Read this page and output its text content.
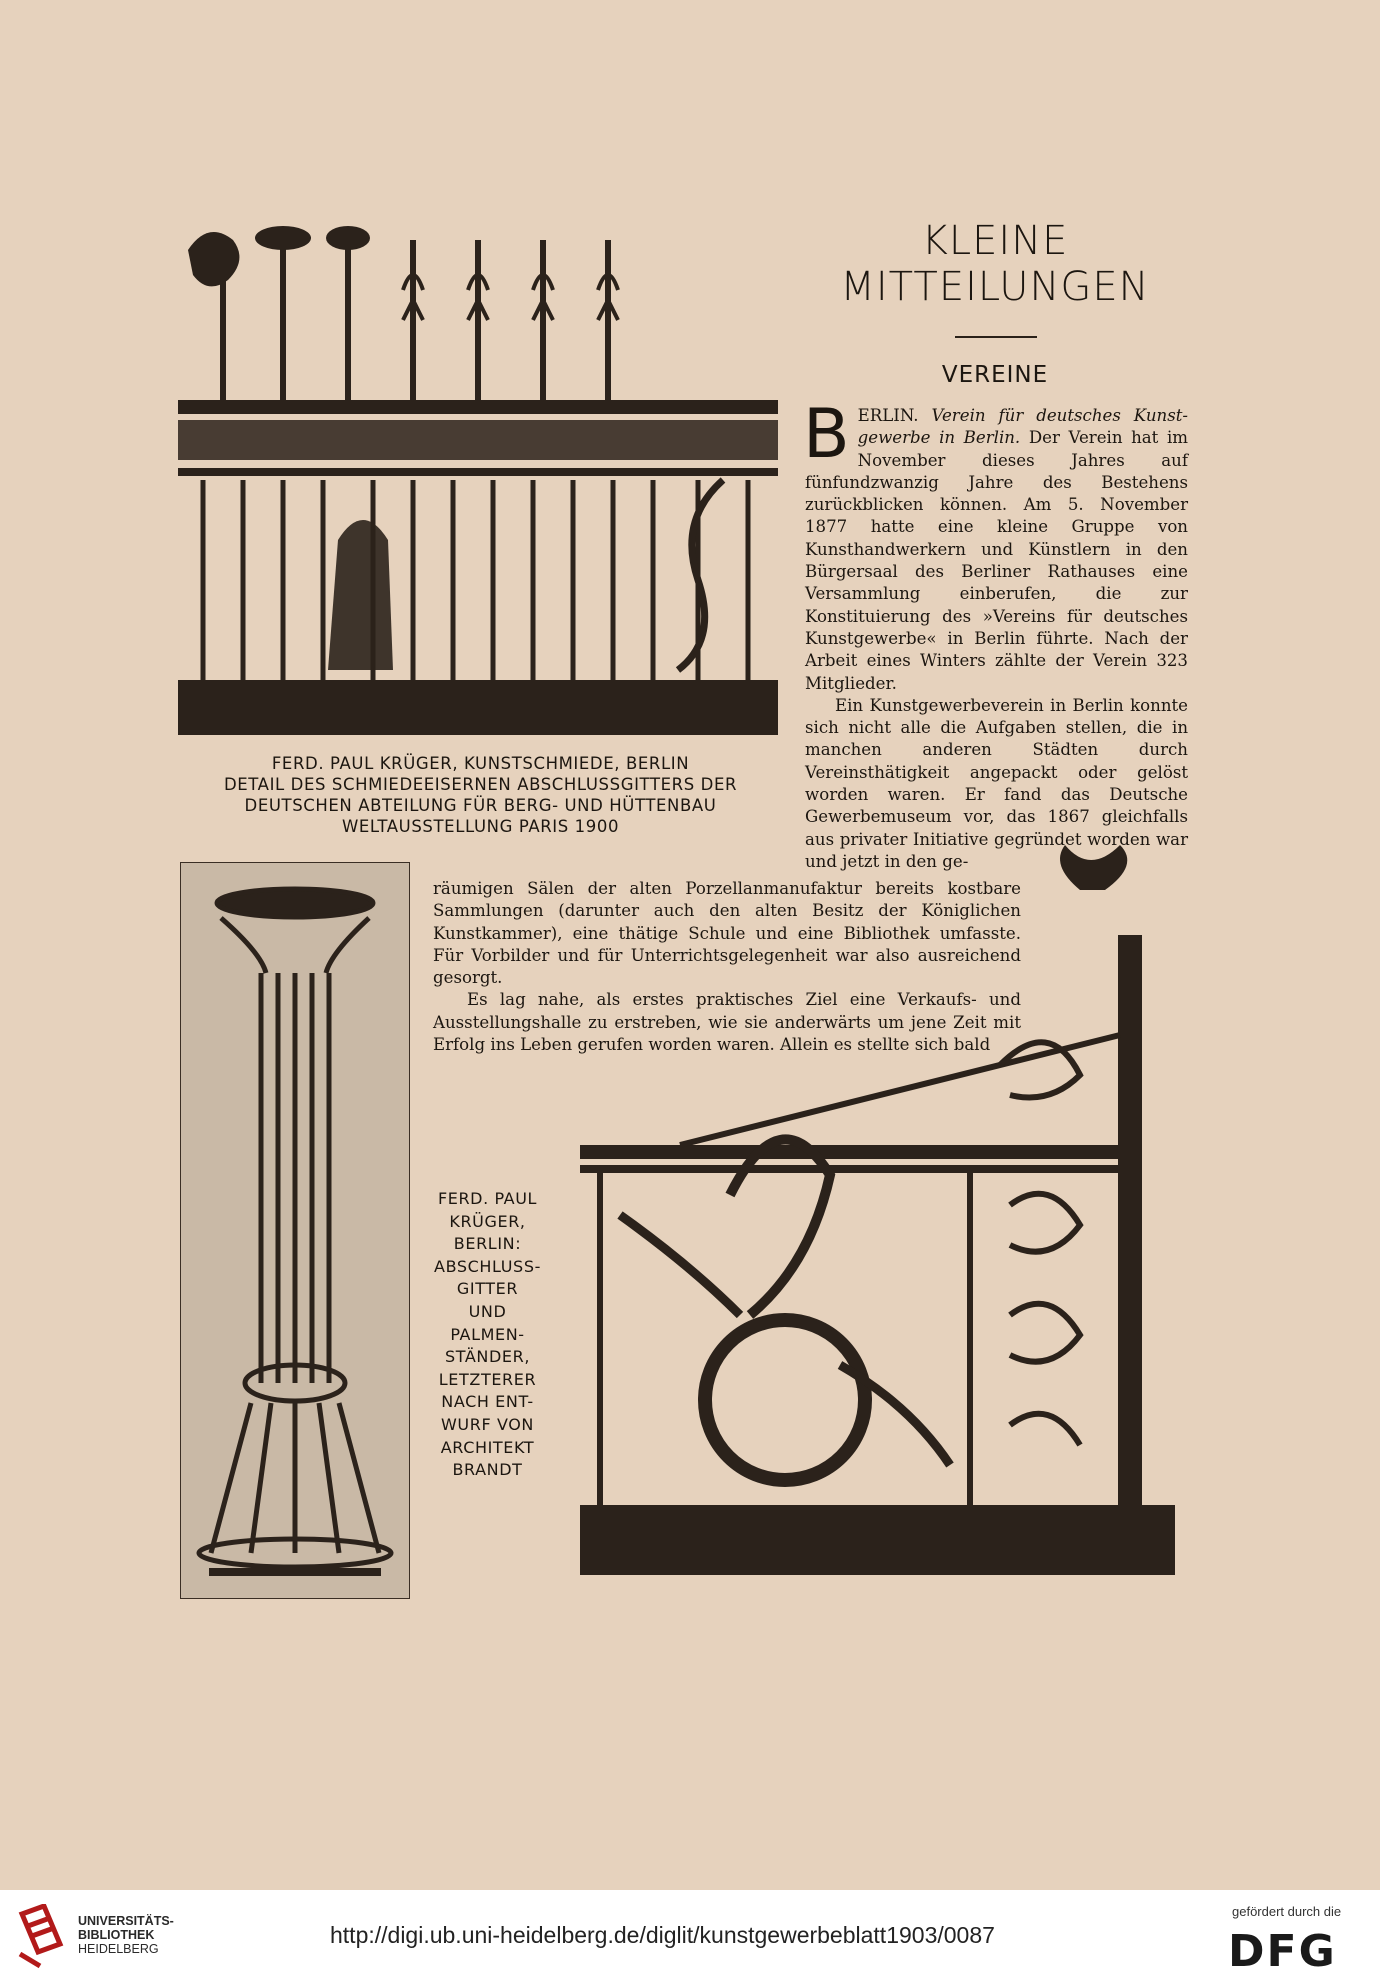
FERD. PAUL KRÜGER, KUNSTSCHMIEDE, BERLIN
DETAIL DES SCHMIEDEEISERNEN ABSCHLUSSGITTERS DER
DEUTSCHEN ABTEILUNG FÜR BERG- UND HÜTTENBAU
WELTAUSSTELLUNG PARIS 1900
KLEINE
MITTEILUNGEN
VEREINE

BERLIN. Verein für deutsches Kunst-gewerbe in Berlin. Der Verein hat im November dieses Jahres auf fünfundzwanzig Jahre des Bestehens zurückblicken können. Am 5. November 1877 hatte eine kleine Gruppe von Kunsthandwerkern und Künstlern in den Bürgersaal des Berliner Rathauses eine Versammlung einberufen, die zur Konstituierung des »Vereins für deutsches Kunstgewerbe« in Berlin führte. Nach der Arbeit eines Winters zählte der Verein 323 Mitglieder.

Ein Kunstgewerbeverein in Berlin konnte sich nicht alle die Aufgaben stellen, die in manchen anderen Städten durch Vereinsthätigkeit angepackt oder gelöst worden waren. Er fand das Deutsche Gewerbemuseum vor, das 1867 gleichfalls aus privater Initiative gegründet worden war und jetzt in den ge-

räumigen Sälen der alten Porzellanmanufaktur bereits kostbare Sammlungen (darunter auch den alten Besitz der Königlichen Kunstkammer), eine thätige Schule und eine Bibliothek umfasste. Für Vorbilder und für Unterrichtsgelegenheit war also ausreichend gesorgt.

Es lag nahe, als erstes praktisches Ziel eine Verkaufs- und Ausstellungshalle zu erstreben, wie sie anderwärts um jene Zeit mit Erfolg ins Leben gerufen worden waren. Allein es stellte sich bald

FERD. PAUL
KRÜGER,
BERLIN:
ABSCHLUSS-
GITTER
UND
PALMEN-
STÄNDER,
LETZTERER
NACH ENT-
WURF VON
ARCHITEKT
BRANDT
UNIVERSITÄTS-
BIBLIOTHEK
HEIDELBERG
http://digi.ub.uni-heidelberg.de/diglit/kunstgewerbeblatt1903/0087
gefördert durch die
DFG
